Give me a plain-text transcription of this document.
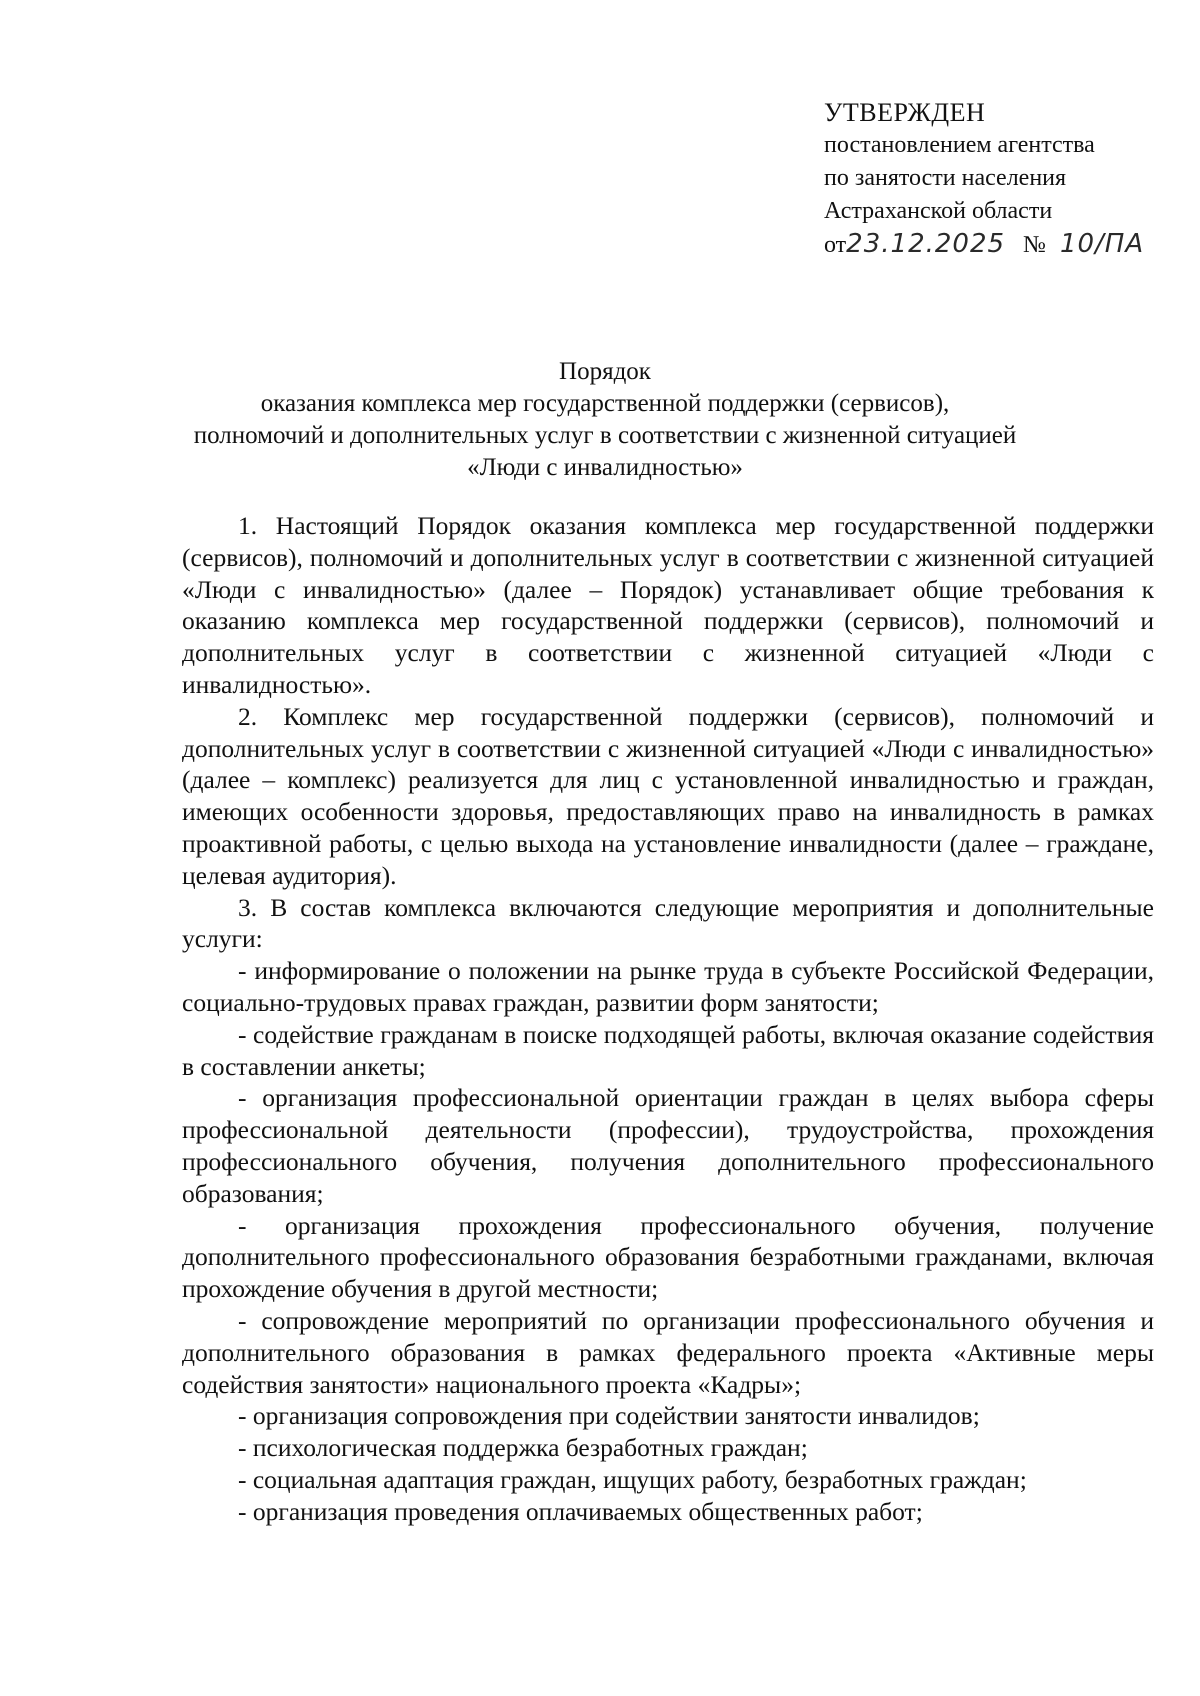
УТВЕРЖДЕН
постановлением агентства
по занятости населения
Астраханской области
от23.12.2025 № 10/ПА
Порядок
оказания комплекса мер государственной поддержки (сервисов),
полномочий и дополнительных услуг в соответствии с жизненной ситуацией
«Люди с инвалидностью»

1. Настоящий Порядок оказания комплекса мер государственной поддержки (сервисов), полномочий и дополнительных услуг в соответствии с жизненной ситуацией «Люди с инвалидностью» (далее – Порядок) устанавливает общие требования к оказанию комплекса мер государственной поддержки (сервисов), полномочий и дополнительных услуг в соответствии с жизненной ситуацией «Люди с инвалидностью».

2. Комплекс мер государственной поддержки (сервисов), полномочий и дополнительных услуг в соответствии с жизненной ситуацией «Люди с инвалидностью» (далее – комплекс) реализуется для лиц с установленной инвалидностью и граждан, имеющих особенности здоровья, предоставляющих право на инвалидность в рамках проактивной работы, с целью выхода на установление инвалидности (далее – граждане, целевая аудитория).

3. В состав комплекса включаются следующие мероприятия и дополнительные услуги:

- информирование о положении на рынке труда в субъекте Российской Федерации, социально-трудовых правах граждан, развитии форм занятости;

- содействие гражданам в поиске подходящей работы, включая оказание содействия в составлении анкеты;

- организация профессиональной ориентации граждан в целях выбора сферы профессиональной деятельности (профессии), трудоустройства, прохождения профессионального обучения, получения дополнительного профессионального образования;

- организация прохождения профессионального обучения, получение дополнительного профессионального образования безработными гражданами, включая прохождение обучения в другой местности;

- сопровождение мероприятий по организации профессионального обучения и дополнительного образования в рамках федерального проекта «Активные меры содействия занятости» национального проекта «Кадры»;

- организация сопровождения при содействии занятости инвалидов;

- психологическая поддержка безработных граждан;

- социальная адаптация граждан, ищущих работу, безработных граждан;

- организация проведения оплачиваемых общественных работ;
